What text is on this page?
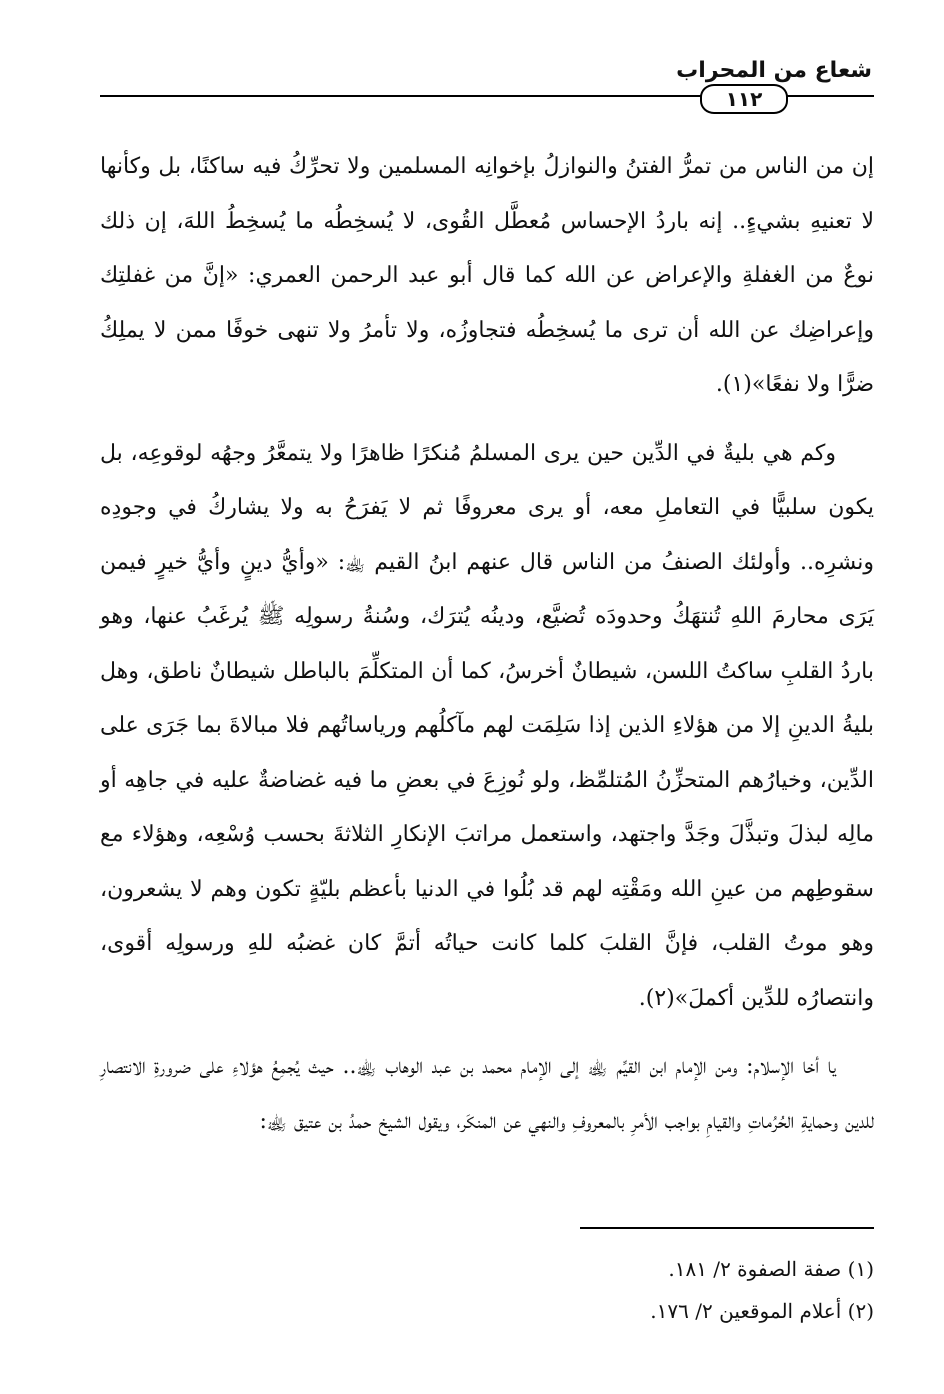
شعاع من المحراب
١١٢

إن من الناس من تمرُّ الفتنُ والنوازلُ بإخوانِه المسلمين ولا تحرِّكُ فيه ساكنًا، بل وكأنها لا تعنيهِ بشيءٍ.. إنه باردُ الإحساس مُعطَّل القُوى، لا يُسخِطُه ما يُسخِطُ اللهَ، إن ذلك نوعٌ من الغفلةِ والإعراض عن الله كما قال أبو عبد الرحمن العمري: «إنَّ من غفلتِك وإعراضِك عن الله أن ترى ما يُسخِطُه فتجاوزُه، ولا تأمرُ ولا تنهى خوفًا ممن لا يملِكُ ضرًّا ولا نفعًا»(١).

وكم هي بليةٌ في الدِّين حين يرى المسلمُ مُنكرًا ظاهرًا ولا يتمعَّرُ وجهُه لوقوعِه، بل يكون سلبيًّا في التعاملِ معه، أو يرى معروفًا ثم لا يَفرَحُ به ولا يشاركُ في وجودِه ونشرِه.. وأولئك الصنفُ من الناس قال عنهم ابنُ القيم ﵀: «وأيُّ دينٍ وأيُّ خيرٍ فيمن يَرَى محارمَ اللهِ تُنتهَكُ وحدودَه تُضيَّع، ودينُه يُترَك، وسُنةُ رسولِه ﷺ يُرغَبُ عنها، وهو باردُ القلبِ ساكتُ اللسن، شيطانٌ أخرسُ، كما أن المتكلِّمَ بالباطل شيطانٌ ناطق، وهل بليةُ الدينِ إلا من هؤلاءِ الذين إذا سَلِمَت لهم مآكلُهم ورياساتُهم فلا مبالاةَ بما جَرَى على الدِّين، وخيارُهم المتحزِّنُ المُتلمِّظ، ولو نُوزِعَ في بعضِ ما فيه غضاضةٌ عليه في جاهِه أو مالِه لبذلَ وتبذَّلَ وجَدَّ واجتهد، واستعمل مراتبَ الإنكارِ الثلاثةَ بحسب وُسْعِه، وهؤلاء مع سقوطِهم من عينِ الله ومَقْتِه لهم قد بُلُوا في الدنيا بأعظم بليّةٍ تكون وهم لا يشعرون، وهو موتُ القلب، فإنَّ القلبَ كلما كانت حياتُه أتمَّ كان غضبُه للهِ ورسولِه أقوى، وانتصارُه للدِّين أكملَ»(٢).

يا أخا الإسلام: ومن الإمام ابن القيِّم ﵀ إلى الإمام محمد بن عبد الوهاب ﵀.. حيث يُجمِعُ هؤلاءِ على ضرورةِ الانتصارِ للدين وحمايةِ الحُرُماتِ والقيامِ بواجب الأمرِ بالمعروفِ والنهي عن المنكَر، ويقول الشيخ حمدُ بن عتيق ﵀:

(١) صفة الصفوة ٢/ ١٨١.

(٢) أعلام الموقعين ٢/ ١٧٦.
